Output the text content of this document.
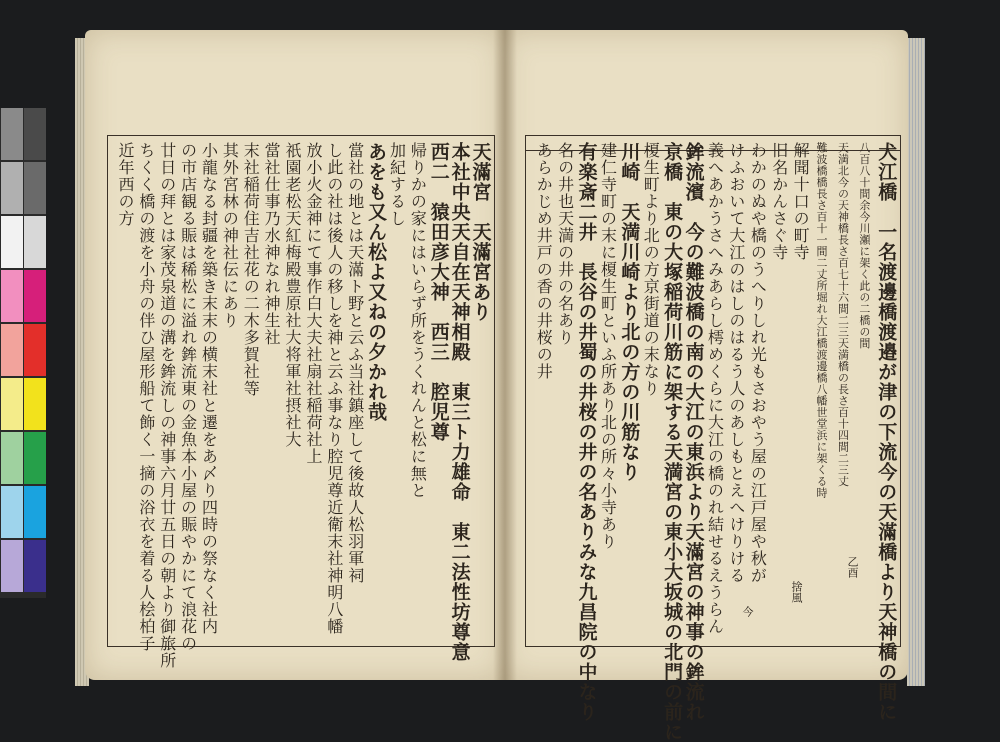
天滿宮　天滿宮あり
本社中央天自在天神相殿　東三ト力雄命　東二法性坊尊意
西二　猿田彦大神　西三　腔児尊
帰りかの家にはいらず所をうくれんと松に無と
加紀するし
あをも又ん松よ又ねの夕かれ哉
當社の地とは天滿ト野と云ふ当社鎮座して後故人松羽軍祠
し此の社は後人の移しを神と云ふ事なり腔児尊近衛末社神明八幡
放小火金神にて事作白大夫社扇社稲荷社上
祇園老松天紅梅殿豊原社大将軍社摂社大
當社仕事乃水神なれ神生社
末社稲荷住吉社花の二木多賀社等
其外宮林の神社伝にあり
小龍なる封疆を築き末末の横末社と遷をあ〆り四時の祭なく社内
の市店観る賑は稀松に溢れ鉾流東の金魚本小屋の賑やかにて浪花の
廿日の拜とは家茂泉道の溝を鉾流しの神事六月廿五日の朝より御旅所
ちくく橋の渡を小舟の伴ひ屋形船て飾く一摘の浴衣を着る人桧柏子
近年西の方	犬江橋　一名渡邊橋渡邉が津の下流今の天滿橋より天神橋の間に
八百八十間余今川瀬に架く此の二橋の間
天満北今の天神橋長さ百七十六間二三天満橋の長さ百十四間二三丈
難波橋橋長さ百十一間二丈所堀れ大江橋渡邊橋八幡世堂浜に架くる時
解聞十口の町寺
旧名かんさぐ寺
わかのぬや橋のうへりしれ光もさおやう屋の江戸屋や秋が
けふおいて大江のはしのはるう人のあしもとえへけりける
義へあかうさへみあらし樗めくらに大江の橋のれ結せるえうらん
鉾流濱　今の難波橋の南の大江の東浜より天滿宮の神事の鉾流れ
京橋　東の大塚稲荷川筋に架する天満宮の東小大坂城の北門の前に
榎生町より北の方京街道の末なり
川崎　天満川崎より北の方の川筋なり
建仁寺町の末に榎生町といふ所あり北の所々小寺あり
有楽斎二井　長谷の井蜀の井桜の井の名ありみな九昌院の中なり
名の井也天満の井の名あり
あらかじめ井戸の香の井桜の井
乙酉
捨風
今
